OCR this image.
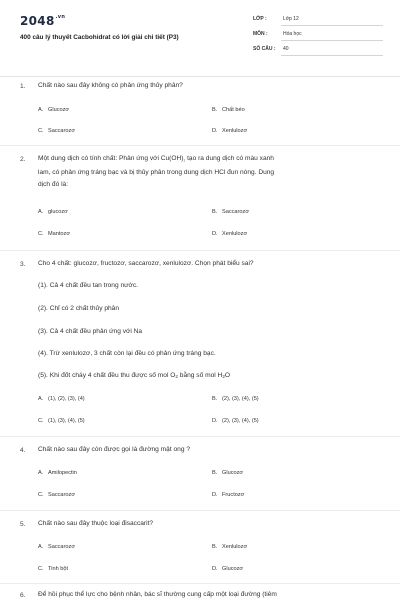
$2048^{.vn}$
400 câu lý thuyết Cacbohidrat có lời giải chi tiết (P3)
LỚP :	Lớp 12
MÔN :	Hóa học
SỐ CÂU : 40
1. Chất nào sau đây không có phản ứng thủy phân?
A. Glucozơ	B. Chất béo
C. Saccarozơ	D. Xenlulozơ
2. Một dung dịch có tính chất: Phản ứng với $Cu(OH)_{_2}$ tạo ra dung dịch có màu xanh
lam, có phản ứng tráng bạc và bị thủy phân trong dung dịch HCl đun nóng. Dung
dịch đó là:
A. glucozơ	B. Saccarozơ
C. Mantozơ	D. Xenlulozơ
3. Cho 4 chất: glucozơ, fructozơ, saccarozơ, xenlulozơ. Chọn phát biểu sai?
(1). Cả 4 chất đều tan trong nước.
(2). Chỉ có 2 chất thủy phân
(3). Cả 4 chất đều phản ứng với Na
(4). Trừ xenlulozơ, 3 chất còn lại đều có phản ứng tráng bạc.
(5). Khi đốt cháy 4 chất đều thu được số mol $O_2$ bằng số mol $H_2O$
A. (1), (2), (3), (4)	B. (2), (3), (4), (5)
C. (1), (3), (4), (5)	D. (2), (3), (4), (5)
4. Chất nào sau đây còn được gọi là đường mật ong ?
A. Amilopectin	B. Glucozơ
C. Saccarozơ	D. Fructozơ
5. Chất nào sau đây thuộc loại đisaccarit?
A. Saccarozơ	B. Xenlulozơ
C. Tinh bột	D. Glucozơ
6. Để hồi phục thể lực cho bệnh nhân, bác sĩ thường cung cấp một loại đường (tiêm
